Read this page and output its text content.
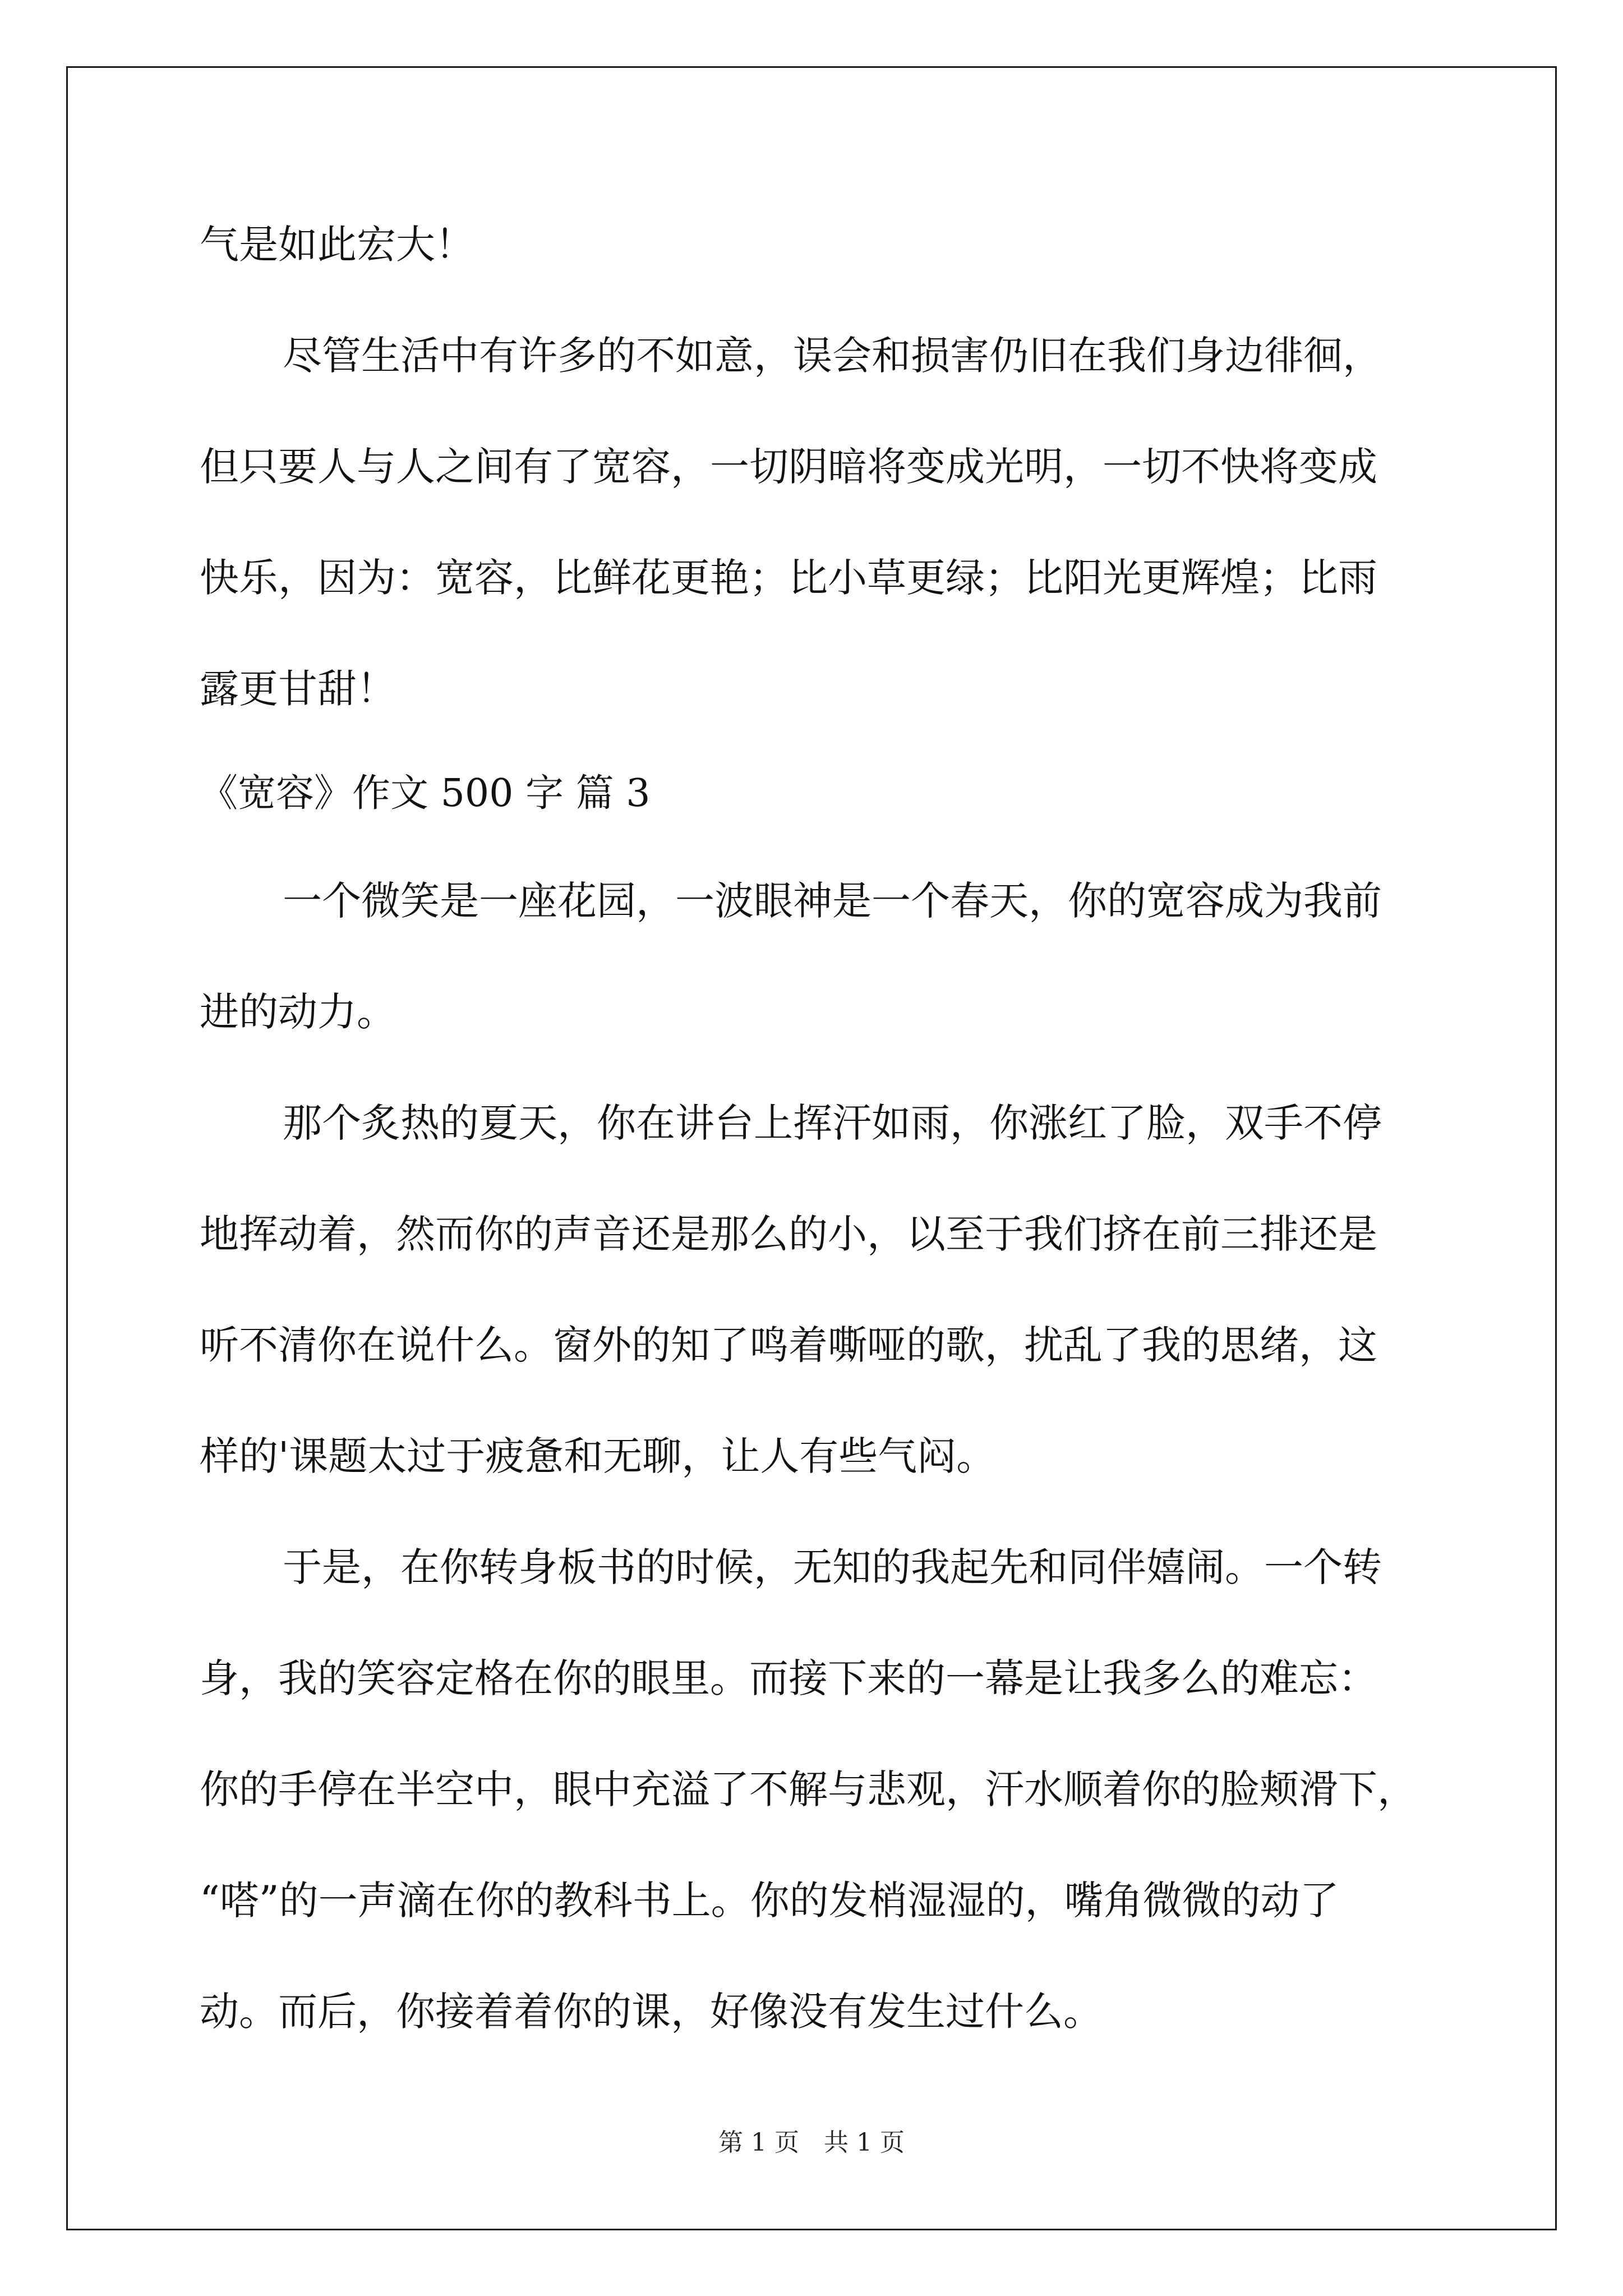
气是如此宏大！
尽管生活中有许多的不如意，误会和损害仍旧在我们身边徘徊，
但只要人与人之间有了宽容，一切阴暗将变成光明，一切不快将变成
快乐，因为：宽容，比鲜花更艳；比小草更绿；比阳光更辉煌；比雨
露更甘甜！
《宽容》作文 500 字 篇 3
一个微笑是一座花园，一波眼神是一个春天，你的宽容成为我前
进的动力。
那个炙热的夏天，你在讲台上挥汗如雨，你涨红了脸，双手不停
地挥动着，然而你的声音还是那么的小，以至于我们挤在前三排还是
听不清你在说什么。窗外的知了鸣着嘶哑的歌，扰乱了我的思绪，这
样的'课题太过于疲惫和无聊，让人有些气闷。
于是，在你转身板书的时候，无知的我起先和同伴嬉闹。一个转
身，我的笑容定格在你的眼里。而接下来的一幕是让我多么的难忘：
你的手停在半空中，眼中充溢了不解与悲观，汗水顺着你的脸颊滑下，
“嗒”的一声滴在你的教科书上。你的发梢湿湿的，嘴角微微的动了
动。而后，你接着着你的课，好像没有发生过什么。
第 1 页 共 1 页
